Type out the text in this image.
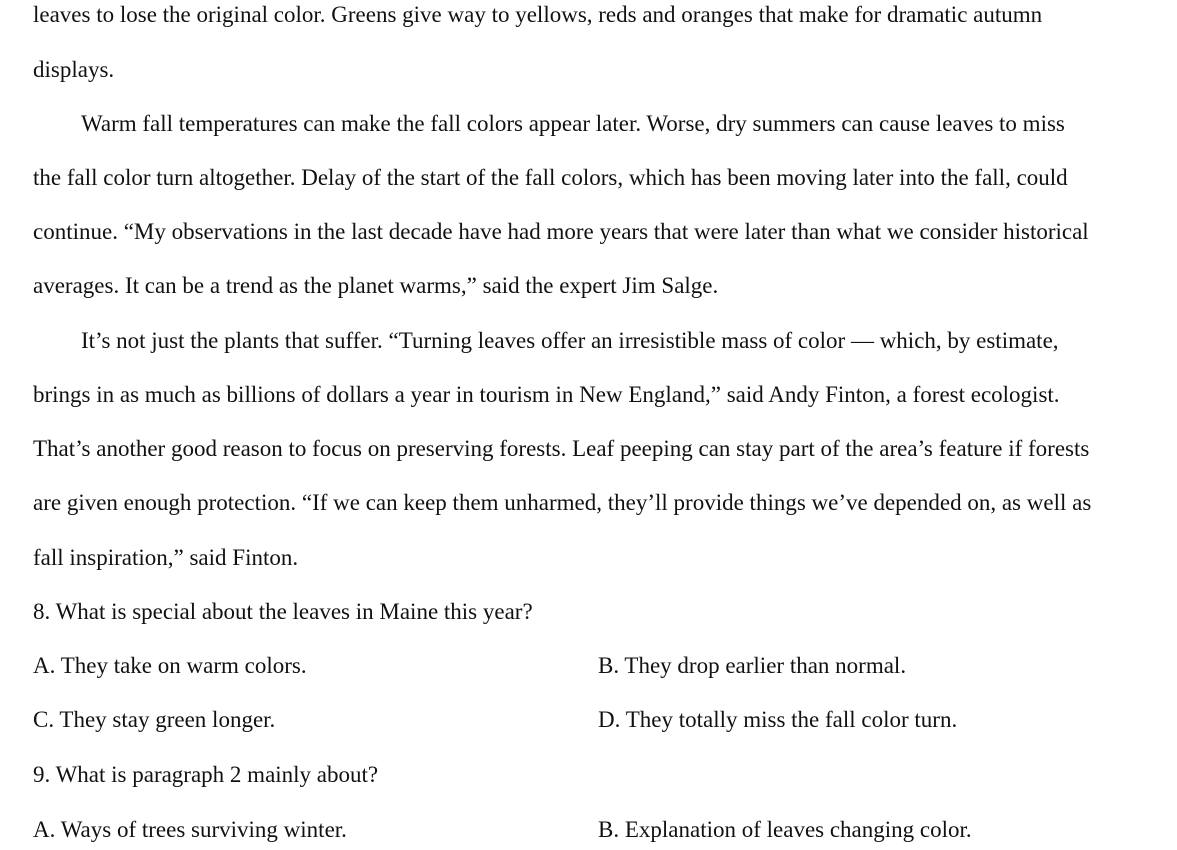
leaves to lose the original color. Greens give way to yellows, reds and oranges that make for dramatic autumn
displays.
Warm fall temperatures can make the fall colors appear later. Worse, dry summers can cause leaves to miss
the fall color turn altogether. Delay of the start of the fall colors, which has been moving later into the fall, could
continue. “My observations in the last decade have had more years that were later than what we consider historical
averages. It can be a trend as the planet warms,” said the expert Jim Salge.
It’s not just the plants that suffer. “Turning leaves offer an irresistible mass of color — which, by estimate,
brings in as much as billions of dollars a year in tourism in New England,” said Andy Finton, a forest ecologist.
That’s another good reason to focus on preserving forests. Leaf peeping can stay part of the area’s feature if forests
are given enough protection. “If we can keep them unharmed, they’ll provide things we’ve depended on, as well as
fall inspiration,” said Finton.
8. What is special about the leaves in Maine this year?
A. They take on warm colors.	B. They drop earlier than normal.
C. They stay green longer.	D. They totally miss the fall color turn.
9. What is paragraph 2 mainly about?
A. Ways of trees surviving winter.	B. Explanation of leaves changing color.
